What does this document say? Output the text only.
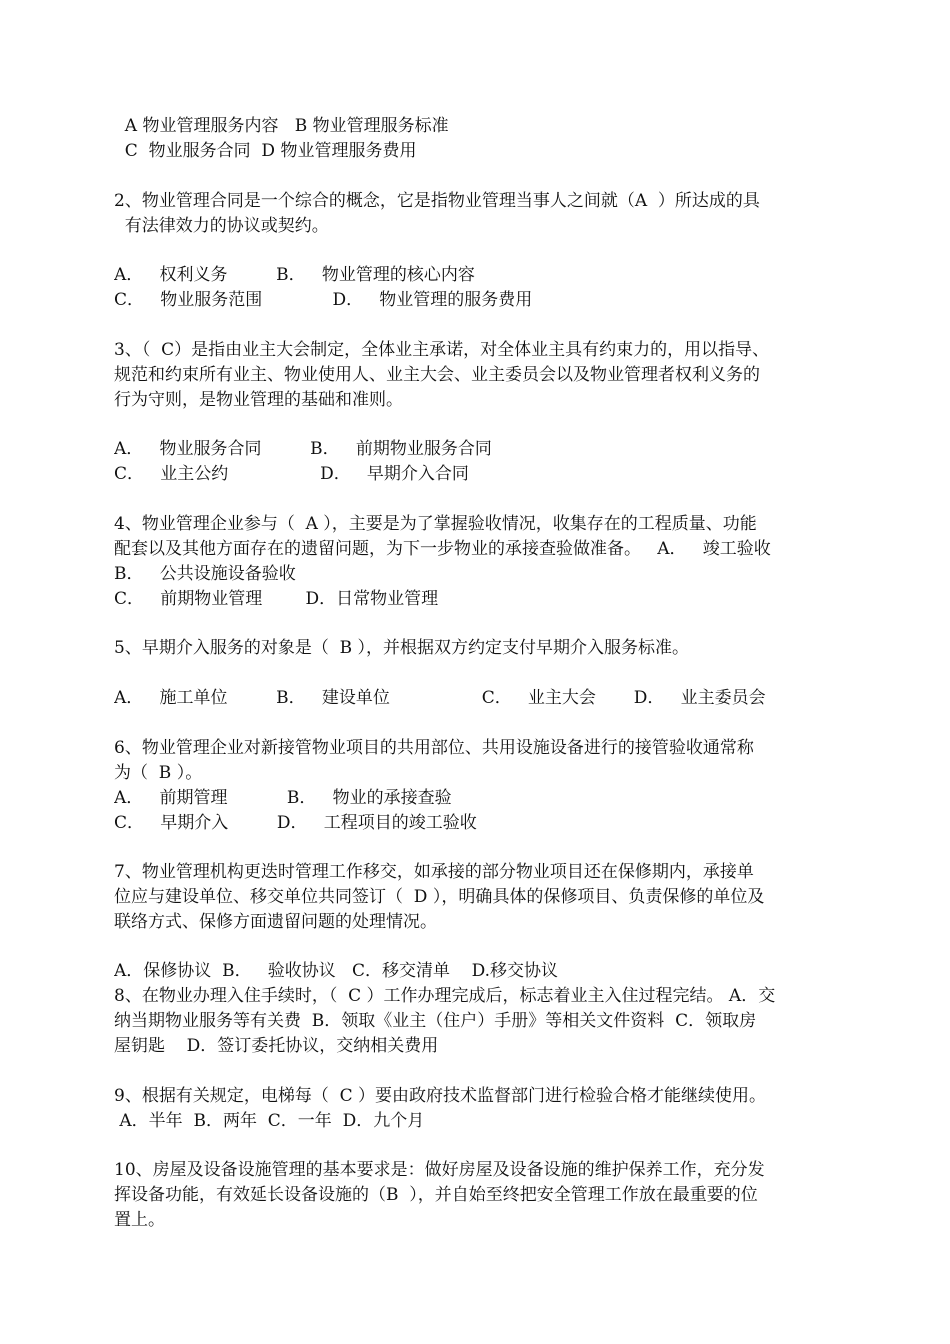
A 物业管理服务内容   B 物业管理服务标准
C  物业服务合同  D 物业管理服务费用
2、物业管理合同是一个综合的概念，它是指物业管理当事人之间就（A  ）所达成的具
有法律效力的协议或契约。
A．   权利义务         B．   物业管理的核心内容
C．   物业服务范围             D．   物业管理的服务费用
3、（  C）是指由业主大会制定，全体业主承诺，对全体业主具有约束力的，用以指导、
规范和约束所有业主、物业使用人、业主大会、业主委员会以及物业管理者权利义务的
行为守则，是物业管理的基础和准则。
A．   物业服务合同         B．   前期物业服务合同
C．   业主公约                 D．   早期介入合同
4、物业管理企业参与（  A ），主要是为了掌握验收情况，收集存在的工程质量、功能
配套以及其他方面存在的遗留问题，为下一步物业的承接查验做准备。   A．   竣工验收
B．   公共设施设备验收
C．   前期物业管理        D．日常物业管理
5、早期介入服务的对象是（  B ），并根据双方约定支付早期介入服务标准。
A．   施工单位         B．   建设单位                 C．   业主大会       D．   业主委员会
6、物业管理企业对新接管物业项目的共用部位、共用设施设备进行的接管验收通常称
为（  B ）。
A．   前期管理           B．   物业的承接查验
C．   早期介入         D．   工程项目的竣工验收
7、物业管理机构更迭时管理工作移交，如承接的部分物业项目还在保修期内，承接单
位应与建设单位、移交单位共同签订（  D ），明确具体的保修项目、负责保修的单位及
联络方式、保修方面遗留问题的处理情况。
A．保修协议  B．   验收协议   C．移交清单    D.移交协议
8、在物业办理入住手续时，（  C ）工作办理完成后，标志着业主入住过程完结。 A．交
纳当期物业服务等有关费  B．领取《业主（住户）手册》等相关文件资料  C．领取房
屋钥匙    D．签订委托协议，交纳相关费用
9、根据有关规定，电梯每（  C ）要由政府技术监督部门进行检验合格才能继续使用。
A．半年  B．两年  C．一年  D．九个月
10、房屋及设备设施管理的基本要求是：做好房屋及设备设施的维护保养工作，充分发
挥设备功能，有效延长设备设施的（B  ），并自始至终把安全管理工作放在最重要的位
置上。
